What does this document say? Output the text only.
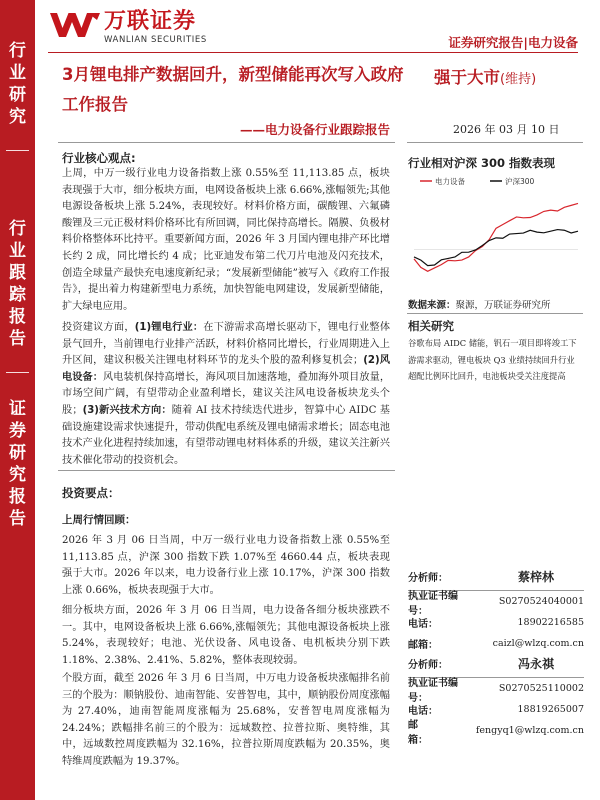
行
业
研
究
行
业
跟
踪
报
告
证
券
研
究
报
告
万联证券
WANLIAN SECURITIES	证券研究报告|电力设备
3月锂电排产数据回升，新型储能再次写入政府工作报告
——电力设备行业跟踪报告
强于大市(维持)
2026 年 03 月 10 日
行业核心观点:
上周，中万一级行业电力设备指数上涨 0.55%至 11,113.85 点，板块表现强于大市，细分板块方面，电网设备板块上涨 6.66%,涨幅领先;其他电源设备板块上涨 5.24%，表现较好。材料价格方面，碳酸锂、六氟磷酸锂及三元正极材料价格环比有所回调，同比保持高增长。隔膜、负极材料价格整体环比持平。重要新闻方面，2026 年 3 月国内锂电排产环比增长约 2 成，同比增长约 4 成；比亚迪发布第二代刀片电池及闪充技术，创造全球量产最快充电速度新纪录；“发展新型储能”被写入《政府工作报告》，提出着力构建新型电力系统，加快智能电网建设，发展新型储能，扩大绿电应用。
投资建议方面，(1)锂电行业：在下游需求高增长驱动下，锂电行业整体景气回升，当前锂电行业排产活跃，材料价格同比增长，行业周期进入上升区间，建议积极关注锂电材料环节的龙头个股的盈利修复机会；(2)风电设备：风电装机保持高增长，海风项目加速落地，叠加海外项目放量，市场空间广阔，有望带动企业盈利增长，建议关注风电设备板块龙头个股；(3)新兴技术方向：随着 AI 技术持续迭代进步，智算中心 AIDC 基础设施建设需求快速提升，带动供配电系统及锂电储需求增长；固态电池技术产业化进程持续加速，有望带动锂电材料体系的升级，建议关注新兴技术催化带动的投资机会。
投资要点：
上周行情回顾：
2026 年 3 月 06 日当周，中万一级行业电力设备指数上涨 0.55%至 11,113.85 点，沪深 300 指数下跌 1.07%至 4660.44 点，板块表现强于大市。2026 年以来，电力设备行业上涨 10.17%，沪深 300 指数上涨 0.66%，板块表现强于大市。
细分板块方面，2026 年 3 月 06 日当周，电力设备各细分板块涨跌不一。其中，电网设备板块上涨 6.66%,涨幅领先；其他电源设备板块上涨 5.24%，表现较好；电池、光伏设备、风电设备、电机板块分别下跌 1.18%、2.38%、2.41%、5.82%，整体表现较弱。
个股方面，截至 2026 年 3 月 6 日当周，中万电力设备板块涨幅排名前三的个股为：顺钠股份、迪南智能、安普智电，其中，顺钠股份周度涨幅为 27.40%，迪南智能周度涨幅为 25.68%，安普智电周度涨幅为 24.24%；跌幅排名前三的个股为：远域数控、拉普拉斯、奥特维，其中，远域数控周度跌幅为 32.16%，拉普拉斯周度跌幅为 20.35%，奥特维周度跌幅为 19.37%。
行业相对沪深 300 指数表现
电力设备	沪深300
数据来源：聚源，万联证券研究所
相关研究
谷歌布局 AIDC 储能，钒石一项目即将竣工下游需求驱动，锂电板块 Q3 业绩持续回升行业超配比例环比回升，电池板块受关注度提高
分析师：	蔡梓林
执业证书编号：
S0270524040001
电话：	18902216585
邮箱：	caizl@wlzq.com.cn
分析师：	冯永祺
执业证书编号：
S0270525110002
电话：	18819265007
邮箱：
fengyq1@wlzq.com.cn
